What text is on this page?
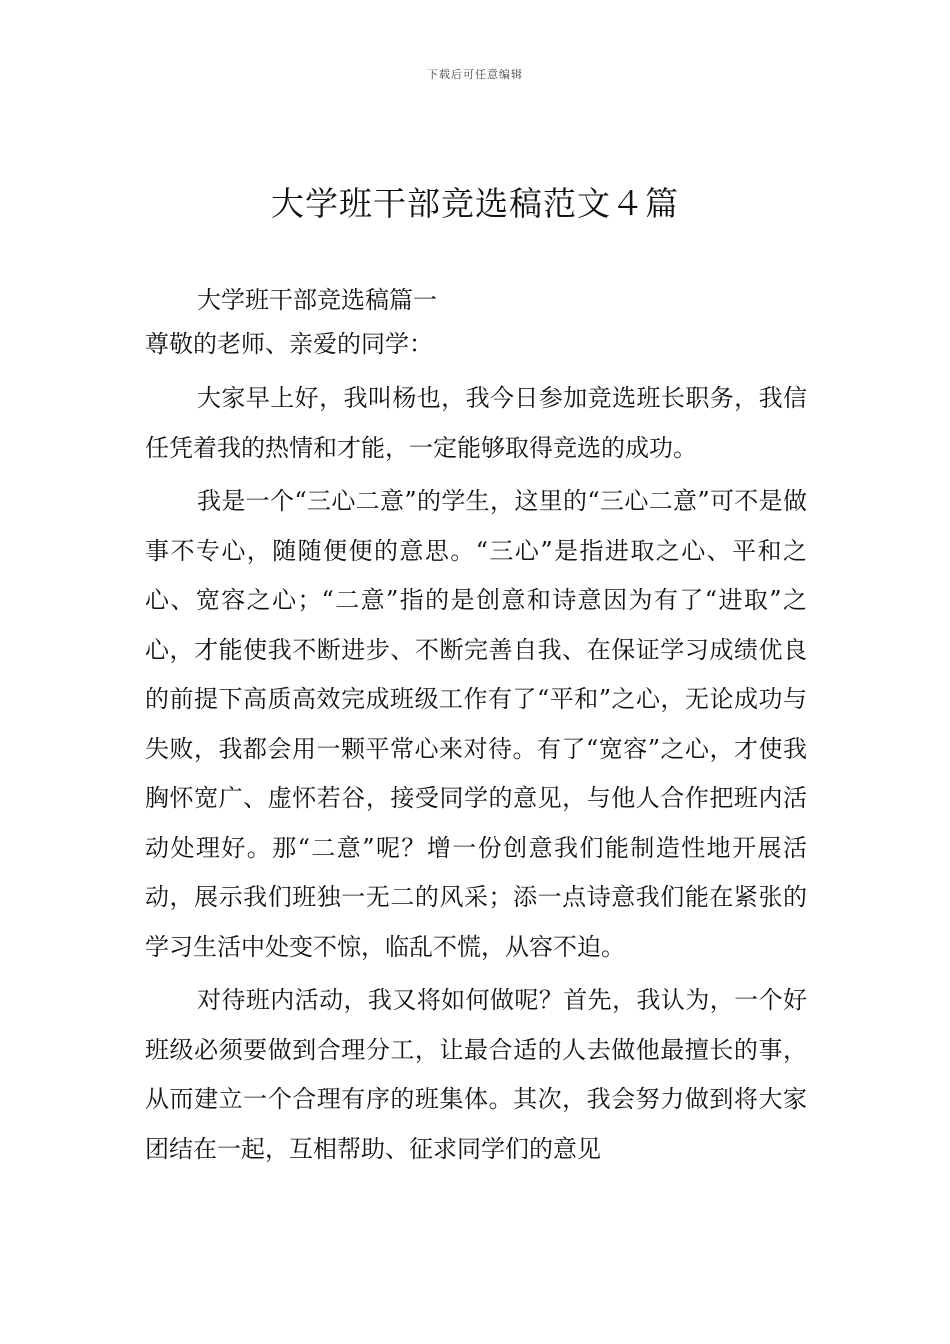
下载后可任意编辑
大学班干部竞选稿范文４篇

大学班干部竞选稿篇一

尊敬的老师、亲爱的同学：

大家早上好，我叫杨也，我今日参加竞选班长职务，我信任凭着我的热情和才能，一定能够取得竞选的成功。

我是一个“三心二意”的学生，这里的“三心二意”可不是做事不专心，随随便便的意思。“三心”是指进取之心、平和之心、宽容之心；“二意”指的是创意和诗意因为有了“进取”之心，才能使我不断进步、不断完善自我、在保证学习成绩优良的前提下高质高效完成班级工作有了“平和”之心，无论成功与失败，我都会用一颗平常心来对待。有了“宽容”之心，才使我胸怀宽广、虚怀若谷，接受同学的意见，与他人合作把班内活动处理好。那“二意”呢？增一份创意我们能制造性地开展活动，展示我们班独一无二的风采；添一点诗意我们能在紧张的学习生活中处变不惊，临乱不慌，从容不迫。

对待班内活动，我又将如何做呢？首先，我认为，一个好班级必须要做到合理分工，让最合适的人去做他最擅长的事，从而建立一个合理有序的班集体。其次，我会努力做到将大家团结在一起，互相帮助、征求同学们的意见
